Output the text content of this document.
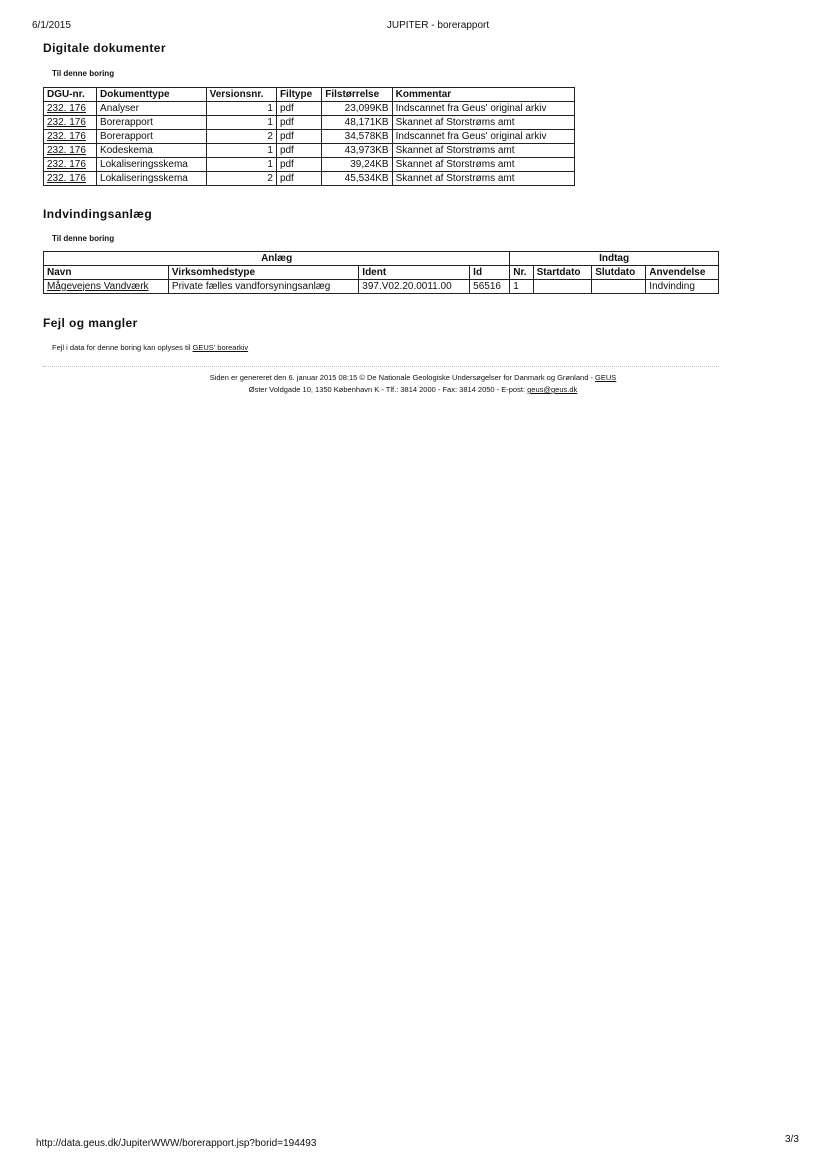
6/1/2015	JUPITER - borerapport
Digitale dokumenter
Til denne boring
DGU-nr.	Dokumenttype	Versionsnr.	Filtype	Filstørrelse	Kommentar
232. 176	Analyser	1	pdf	23,099KB	Indscannet fra Geus' original arkiv
232. 176	Borerapport	1	pdf	48,171KB	Skannet af Storstrøms amt
232. 176	Borerapport	2	pdf	34,578KB	Indscannet fra Geus' original arkiv
232. 176	Kodeskema	1	pdf	43,973KB	Skannet af Storstrøms amt
232. 176	Lokaliseringsskema	1	pdf	39,24KB	Skannet af Storstrøms amt
232. 176	Lokaliseringsskema	2	pdf	45,534KB	Skannet af Storstrøms amt
Indvindingsanlæg
Til denne boring
Anlæg				Indtag			
Navn	Virksomhedstype	Ident	Id	Nr.	Startdato	Slutdato	Anvendelse
Mågevejens Vandværk	Private fælles vandforsyningsanlæg	397.V02.20.0011.00	56516	1			Indvinding
Fejl og mangler
Fejl i data for denne boring kan oplyses til GEUS' borearkiv
Siden er genereret den 6. januar 2015 08:15 © De Nationale Geologiske Undersøgelser for Danmark og Grønland - GEUS
Øster Voldgade 10, 1350 København K - Tlf.: 3814 2000 - Fax: 3814 2050 - E-post: geus@geus.dk
http://data.geus.dk/JupiterWWW/borerapport.jsp?borid=194493	3/3
